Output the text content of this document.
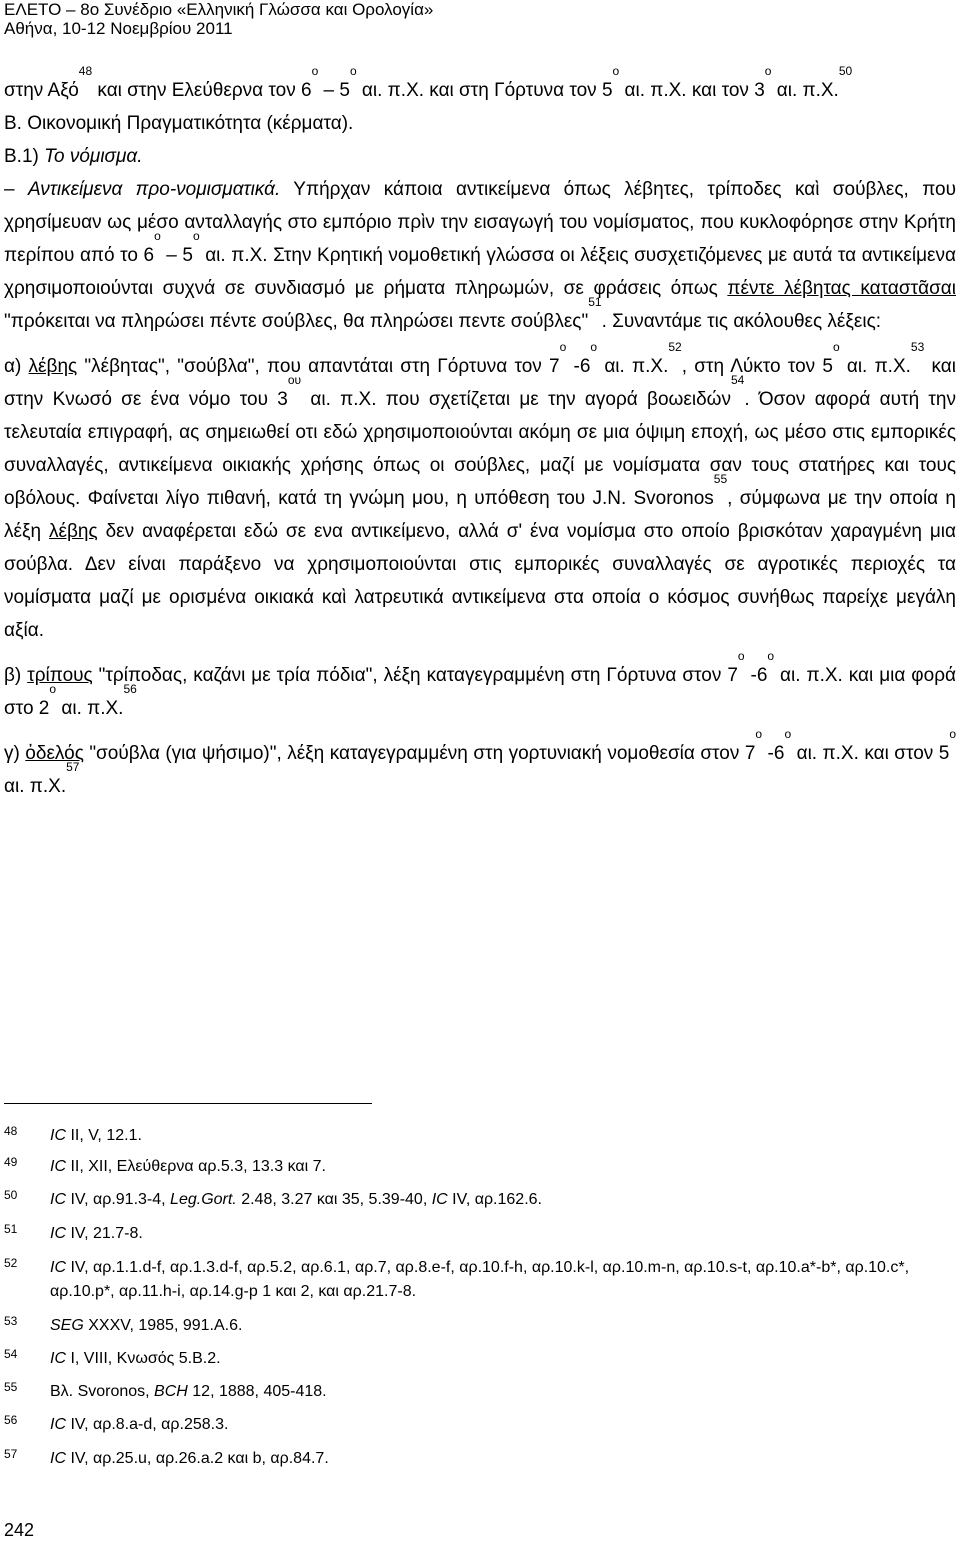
ΕΛΕΤΟ – 8ο Συνέδριο «Ελληνική Γλώσσα και Ορολογία»
Αθήνα, 10-12 Νοεμβρίου 2011

στην Αξό$^{48}$ και στην Ελεύθερνα τον $6^o - 5^o$ αι. π.Χ. και στη Γόρτυνα τον $5^o$ αι. π.Χ. και τον $3^o$ αι. π.Χ.$^{50}$

Β. Οικονομική Πραγματικότητα (κέρματα).

Β.1) Το νόμισμα.

– Αντικείμενα προ-νομισματικά. Υπήρχαν κάποια αντικείμενα όπως λέβητες, τρίποδες καὶ σούβλες, που χρησίμευαν ως μέσο ανταλλαγής στο εμπόριο πρὶν την εισαγωγή του νομίσματος, που κυκλοφόρησε στην Κρήτη περίπου από το $6^o - 5^o$ αι. π.Χ. Στην Κρητική νομοθετική γλώσσα οι λέξεις συσχετιζόμενες με αυτά τα αντικείμενα χρησιμοποιούνται συχνά σε συνδιασμό με ρήματα πληρωμών, σε φράσεις όπως πέντε λέβητας καταστᾶσαι "πρόκειται να πληρώσει πέντε σούβλες, θα πληρώσει πεντε σούβλες"$^{51}$. Συναντάμε τις ακόλουθες λέξεις:

α) λέβης "λέβητας", "σούβλα", που απαντάται στη Γόρτυνα τον $7^o$ $-6^o$ αι. π.Χ.$^{52}$, στη Λύκτο τον $5^o$ αι. π.Χ.$^{53}$ και στην Κνωσό σε ένα νόμο του $3^{o\upsilon}$ αι. π.Χ. που σχετίζεται με την αγορά βοωειδών$^{54}$. Όσον αφορά αυτή την τελευταία επιγραφή, ας σημειωθεί οτι εδώ χρησιμοποιούνται ακόμη σε μια όψιμη εποχή, ως μέσο στις εμπορικές συναλλαγές, αντικείμενα οικιακής χρήσης όπως οι σούβλες, μαζί με νομίσματα σαν τους στατήρες και τους οβόλους. Φαίνεται λίγο πιθανή, κατά τη γνώμη μου, η υπόθεση του J.N. Svoronos$^{55}$, σύμφωνα με την οποία η λέξη λέβης δεν αναφέρεται εδώ σε ενα αντικείμενο, αλλά σ' ένα νομίσμα στο οποίο βρισκόταν χαραγμένη μια σούβλα. Δεν είναι παράξενο να χρησιμοποιούνται στις εμπορικές συναλλαγές σε αγροτικές περιοχές τα νομίσματα μαζί με ορισμένα οικιακά καὶ λατρευτικά αντικείμενα στα οποία ο κόσμος συνήθως παρείχε μεγάλη αξία.

β) τρίπους "τρίποδας, καζάνι με τρία πόδια", λέξη καταγεγραμμένη στη Γόρτυνα στον $7^o$ $-6^o$ αι. π.Χ. και μια φορά στο $2^o$ αι. π.Χ.$^{56}$

γ) ὀδελός "σούβλα (για ψήσιμο)", λέξη καταγεγραμμένη στη γορτυνιακή νομοθεσία στον $7^o$ $-6^o$ αι. π.Χ. και στον $5^o$ αι. π.Χ.$^{57}$

48 IC II, V, 12.1.
49 IC II, XII, Ελεύθερνα αρ.5.3, 13.3 και 7.
50 IC IV, αρ.91.3-4, Leg.Gort. 2.48, 3.27 και 35, 5.39-40, IC IV, αρ.162.6.
51 IC IV, 21.7-8.
52 IC IV, αρ.1.1.d-f, αρ.1.3.d-f, αρ.5.2, αρ.6.1, αρ.7, αρ.8.e-f, αρ.10.f-h, αρ.10.k-l, αρ.10.m-n, αρ.10.s-t, αρ.10.a*-b*, αρ.10.c*, αρ.10.p*, αρ.11.h-i, αρ.14.g-p 1 και 2, και αρ.21.7-8.
53 SEG XXXV, 1985, 991.A.6.
54 IC I, VIII, Κνωσός 5.Β.2.
55 Βλ. Svoronos, BCH 12, 1888, 405-418.
56 IC IV, αρ.8.a-d, αρ.258.3.
57 IC IV, αρ.25.u, αρ.26.a.2 και b, αρ.84.7.
242
